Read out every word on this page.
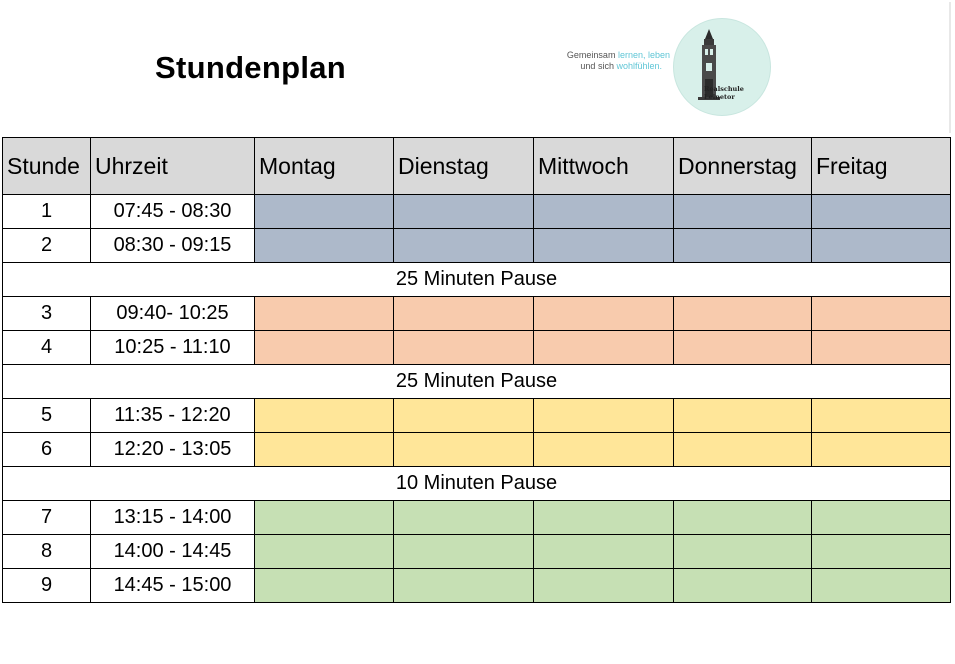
Stundenplan	Gemeinsam lernen, leben
und sich wohlfühlen.
Realschule
Leinetor
Stunde	Uhrzeit	Montag	Dienstag	Mittwoch	Donnerstag	Freitag
1	07:45 - 08:30					
2	08:30 - 09:15					
25 Minuten Pause						
3	09:40- 10:25					
4	10:25 - 11:10					
25 Minuten Pause						
5	11:35 - 12:20					
6	12:20 - 13:05					
10 Minuten Pause						
7	13:15 - 14:00					
8	14:00 - 14:45					
9	14:45 - 15:00					
